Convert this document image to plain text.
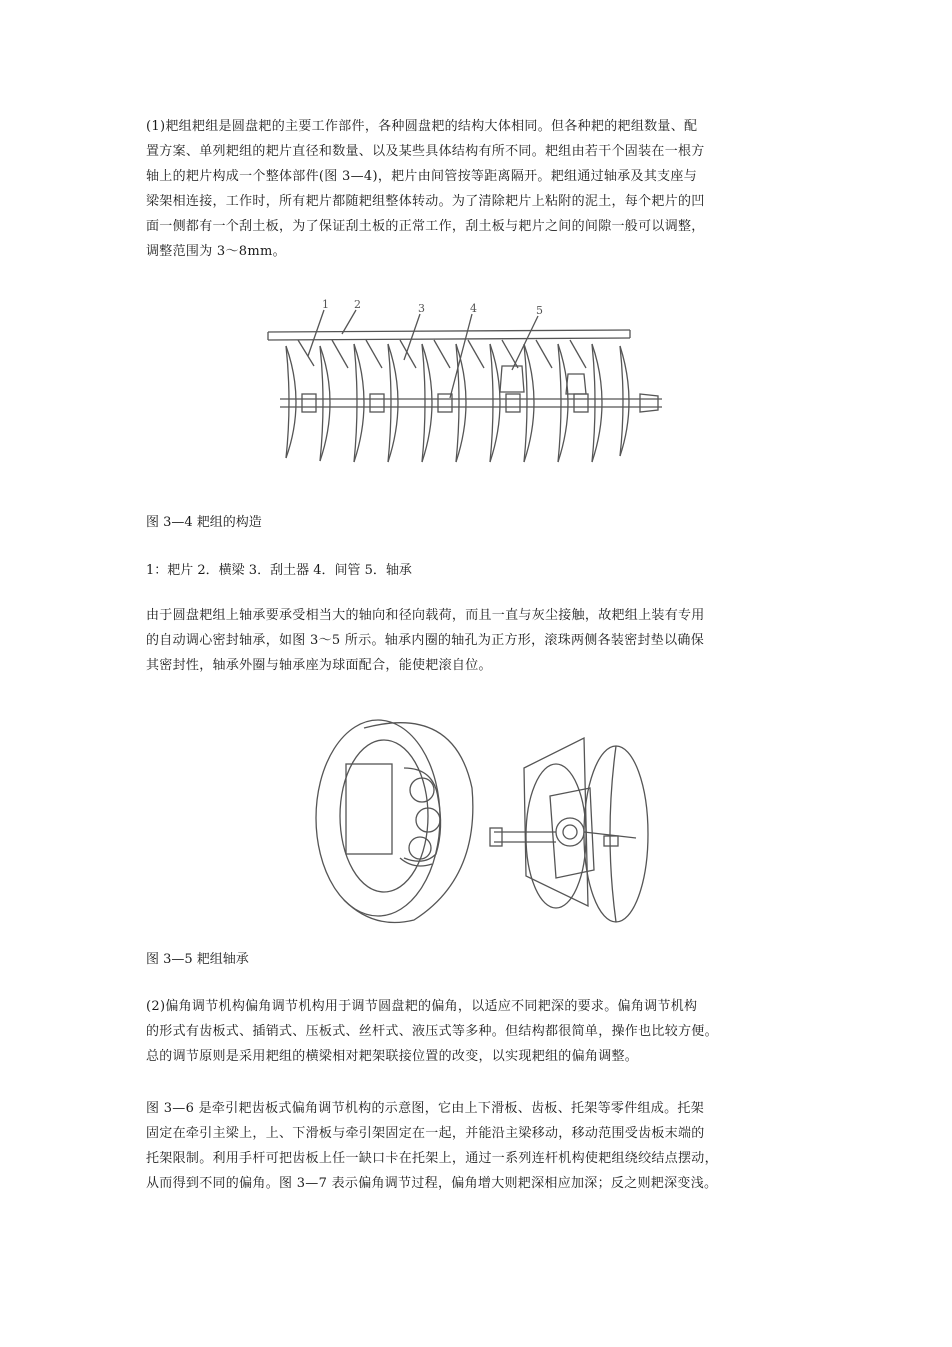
(1)耙组耙组是圆盘耙的主要工作部件，各种圆盘耙的结构大体相同。但各种耙的耙组数量、配
置方案、单列耙组的耙片直径和数量、以及某些具体结构有所不同。耙组由若干个固装在一根方
轴上的耙片构成一个整体部件(图 3—4)，耙片由间管按等距离隔开。耙组通过轴承及其支座与
梁架相连接，工作时，所有耙片都随耙组整体转动。为了清除耙片上粘附的泥土，每个耙片的凹
面一侧都有一个刮土板，为了保证刮土板的正常工作，刮土板与耙片之间的间隙一般可以调整，
调整范围为 3～8mm。

1 2	3	4	5

图 3—4 耙组的构造

1：耙片 2．横梁 3．刮土器 4．间管 5．轴承

由于圆盘耙组上轴承要承受相当大的轴向和径向载荷，而且一直与灰尘接触，故耙组上装有专用
的自动调心密封轴承，如图 3～5 所示。轴承内圈的轴孔为正方形，滚珠两侧各装密封垫以确保
其密封性，轴承外圈与轴承座为球面配合，能使耙滚自位。

图 3—5 耙组轴承

(2)偏角调节机构偏角调节机构用于调节圆盘耙的偏角，以适应不同耙深的要求。偏角调节机构
的形式有齿板式、插销式、压板式、丝杆式、液压式等多种。但结构都很简单，操作也比较方便。
总的调节原则是采用耙组的横梁相对耙架联接位置的改变，以实现耙组的偏角调整。

图 3—6 是牵引耙齿板式偏角调节机构的示意图，它由上下滑板、齿板、托架等零件组成。托架
固定在牵引主梁上，上、下滑板与牵引架固定在一起，并能沿主梁移动，移动范围受齿板末端的
托架限制。利用手杆可把齿板上任一缺口卡在托架上，通过一系列连杆机构使耙组绕绞结点摆动，
从而得到不同的偏角。图 3—7 表示偏角调节过程，偏角增大则耙深相应加深；反之则耙深变浅。
